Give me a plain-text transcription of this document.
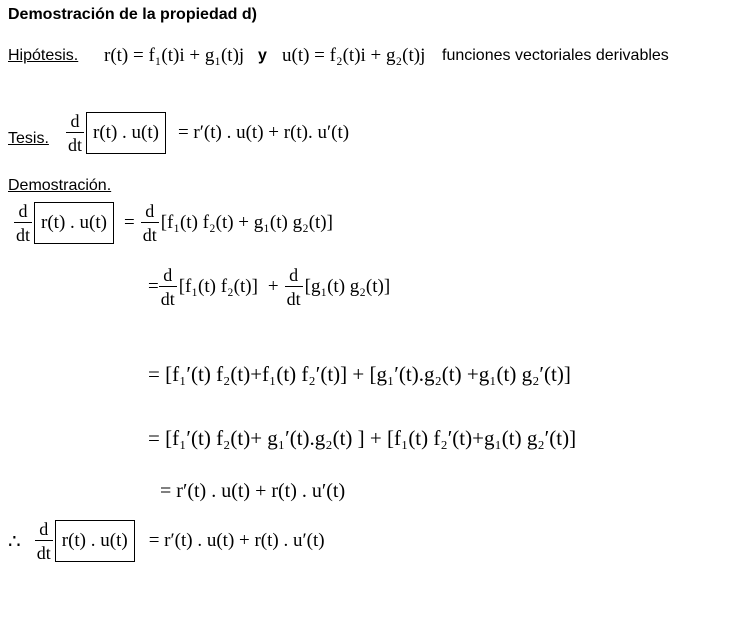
Demostración de la propiedad d)
Hipótesis. r(t) = f₁(t)i + g₁(t)j y u(t) = f₂(t)i + g₂(t)j funciones vectoriales derivables
Tesis. $\frac{d}{dt} r(t)$ . u(t) = r′(t) . u(t) + r(t). u′(t)
Demostración.
$\frac{d}{dt} r(t)$ . $u(t) = \frac{d}{dt} [f_1(t) f_2(t) + g_1(t)$ g₂(t)]
= $\frac{d}{dt} [f_1(t) f_2(t)] + \frac{d}{dt} [g_1(t)$ g₂(t)]
= [f₁′(t) f₂(t)+f₁(t) f₂′(t)] + [g₁′(t).g₂(t) +g₁(t) g₂′(t)]
= [f₁′(t) f₂(t)+ g₁′(t).g₂(t) ] + [f₁(t) f₂′(t)+g₁(t) g₂′(t)]
= r′(t) . u(t) + r(t) . u′(t)
∴ $\frac{d}{dt} r(t)$ . u(t) = r′(t) . u(t) + r(t) . u′(t)
